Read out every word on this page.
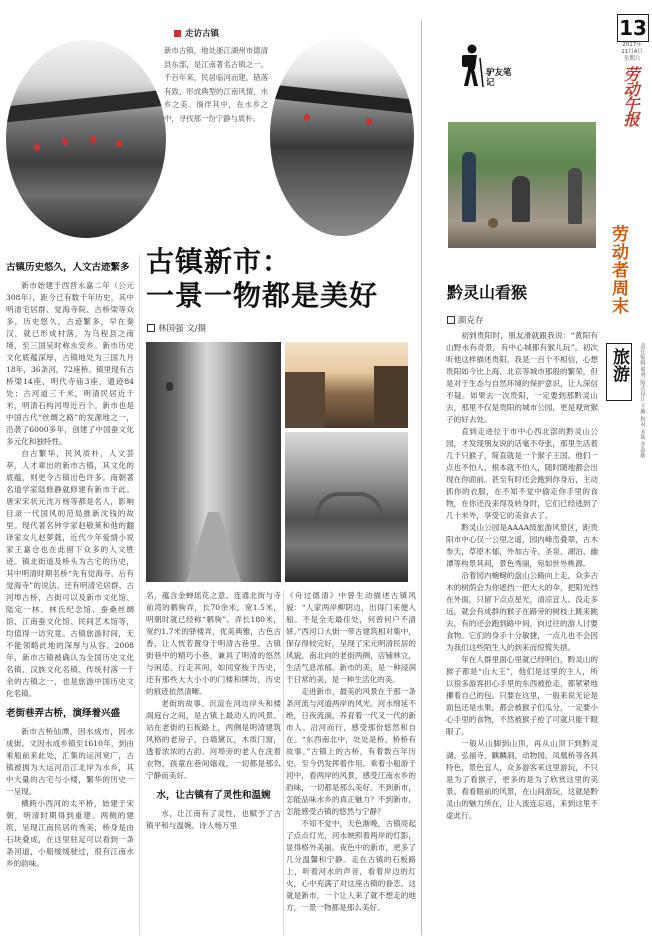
13
2017年
11月4日
星期六
劳动午报
走访古镇
新市古镇，地处浙江湖州市德清县东部，是江南著名古镇之一。千百年来，民居临河而建，错落有致，形成典型的江南风情，水乡之美。徜徉其中，在水乡之中，寻找那一份宁静与质朴。
古镇新市：
一景一物都是美好
林国强 文/摄
古镇历史悠久，人文古迹繁多
新市始建于西晋永嘉二年（公元308年），距今已有数千年历史，其中明清宅居群、觉海寺院、古桥梁等众多，历史悠久，古迹繁多，早在秦汉，就已形成村落，为乌程县之南境，至三国吴时称永安乡。新市历史文化底蕴深厚，古镇地处为三国九月18年，36条河，72座桥。镇里现有古桥梁14座，明代寺庙3座，遗迹84处；古河道三千米，明清民居近千米，明清石构河埠近百个。新市也是中国古代“丝绸之路”的发源地之一，沿袭了6000多年，创建了中国蚕文化多元化和独特性。
自古繁华，民风质朴，人文荟萃，人才辈出的新市古镇，其文化的底蕴，则更令古镇出色许多。南朝著名道学家陆修静就修建有新市于此。唐宋宋状元沈万杨等都是名人，影响目录一代国风的范局推新沈钱的故里。现代著名钟学家赵敬莱和他的翻译家女儿赵萝蕤，近代少年爱情小说家王嘉仓也在此留下众多的人文胜迹。镇北街道及桥头为古宅的历史，其中明清时期名桥“先有觉海寺，后有觉海寺”的说法。还有明清宅居群、古河埠古桥，古街可以及新市文化馆、陆定一林、林氏纪念馆、蚕桑丝绸馆、江南蚕文化馆、民间艺术馆等，均值得一访究竟。古镇旅游时间，无不能领略此地的深厚与从容。2008年，新市古镇被确认为全国历史文化名镇、汉族文化名镇、传统村落一千余的古镇之一，也是旅游中国历史文化名镇。
老街巷弄古桥，演绎着兴盛
新市古桥仙潭，因水成市，因水成街。文因水成乡镇至1610年，到由乘船前来此处，汇集的运河宽广，古镇被拥为大运河沿江北岸为水乡，其中大量的古宅与小楼，繁华的历史一一呈现。
横跨小西河的太平桥，始建于宋朝，明清时期得到重建。两侧的建筑，呈现江南民居的秀美，桥身是由石块叠成，在这里驻足可以看到一条条河道，小船缓缓驶过，很有江南水乡的韵味。
名，蕴含金蝉瑶花之意。连通北街与寺前湾的驷驹弄，长70余米，宽1.5米，明朝时就已经称“驷驹”。弄长180米，宽约1.7米的驿楼弄，优美典雅，古色古香，让人恍若置身于明清古巷里。古镇街巷中的精巧小巷，兼具了明清的悠然与闲适，行走其间，如同穿梭于历史，还有那些大大小小的门楼和牌坊，历史的痕迹依然清晰。
老街的故事、沉淀在河边岸头和楼阁庭台之间，是古镇上最动人的风景。站在老街的石板路上，两侧是明清建筑风格的老房子，白墙黛瓦，木质门窗，透着浓浓的古韵。河埠旁的老人在洗着衣物，孩童在巷间嬉戏，一切都是那么宁静而美好。
水，让古镇有了灵性和温婉
水，让江南有了灵性，也赋予了古镇平和与温婉。诗人杨万里
《舟过德清》中曾生动描述古镇风貌：“人家两岸柳阴边，出得门来便入船。不是全无最佳处，何曾何户不清妍。”西河口大街一带古建筑相对集中，保存得较完好，呈现了宋元明清民居的风貌。南北向的老街两侧，店铺林立，生活气息浓郁。新市的美，是一种浸润于日常的美，是一种生活化的美。
走进新市，最美的风景在于那一条条河流与河道两岸的风光。河水绵延不绝，日夜流淌，养育着一代又一代的新市人。沿河而行，感受那份悠然和自在。“东西南北中，处处是桥，桥桥有故事。”古镇上的古桥，有着数百年历史，至今仍发挥着作用。乘着小船游于河中，看两岸的风景，感受江南水乡的韵味，一切都是那么美好。不到新市，怎能品味水乡的真正魅力？不到新市，怎能感受古镇的悠然与宁静？
不知不觉中，天色渐晚，古镇亮起了点点灯光，河水映照着两岸的灯影，显得格外美丽。夜色中的新市，更多了几分温馨和宁静。走在古镇的石板路上，听着河水的声音，看着岸边的灯火，心中充满了对这座古镇的眷恋。这就是新市，一个让人来了就不想走的地方，一景一物都是那么美好。
驴友笔记
黔灵山看猴
颜克存
初到贵阳时，朋友滑就跟我说：“黄阳有山野水有奇景，有中心城都有猴儿玩”。初次听他这样描述贵阳，我是一百个不相信，心想贵阳如今比上海、北京等城市那般的繁荣，但是对于生态与自然环境的保护意识，让人深信不疑。如果去一次贵阳，一定要到那黔灵山去，那里不仅是贵阳的城市公园，更是观赏猴子的好去处。
直到走进位于市中心西北部的黔灵山公园，才发现朋友说的话毫不夸张，那里生活着几千只猴子，简直就是一个猴子王国。他们一点也不怕人，根本就不怕人，随时随地都会出现在你面前。甚至有时还会跑到你身后，主动抓你的衣服，在不知不觉中偷走你手里的食物，在你还没来得及转身时，它们已经逃到了几十米外，享受它的美食去了。
黔灵山公园是AAAA级旅游风景区，距贵阳市中心仅一公里之遥，园内峰峦叠翠，古木参天，草原木郁，外加古寺、圣泉、湖泊、幽谭等构景其间，景色秀丽，宛如世外桃源。
沿着园内蜿蜒的盘山公路向上走，众多古木的树荫会为你遮挡一把大大的伞，把阳光挡在外面，只留下点点星光，清凉宜人。没走多远，就会有成群的猴子在路旁的树枝上跳来跳去，有的还会跑到路中间，向过往的游人讨要食物。它们的身手十分敏捷，一点儿也不会因为我们这些陌生人的到来而惊慌失措。
年在人群里面心里就已经明白，黔灵山的猴子都是“山大王”，他们是这里的主人，所以很多游客担心手里的东西被抢走，都紧紧地攥着自己的包。只要在这里，一般来说无论是面包还是水果，都会被猴子们瓜分，一定要小心手里的食物，不然被猴子抢了可就只能干瞪眼了。
一般从山脚到山顶，再从山顶下到黔灵湖，弘福寺、麒麟洞、动物园、凤凰桥等各具特色，景色宜人，众多游客来这里游玩，不只是为了看猴子，更多的是为了欣赏这里的美景。看看眼前的风景，在山间游玩，这就是黔灵山的魅力所在，让人流连忘返，来到这里不虚此行。
劳动者周末
旅游	责任编辑 谭勇 版式设计 王雁 校对 宋瑞 李淑敏
